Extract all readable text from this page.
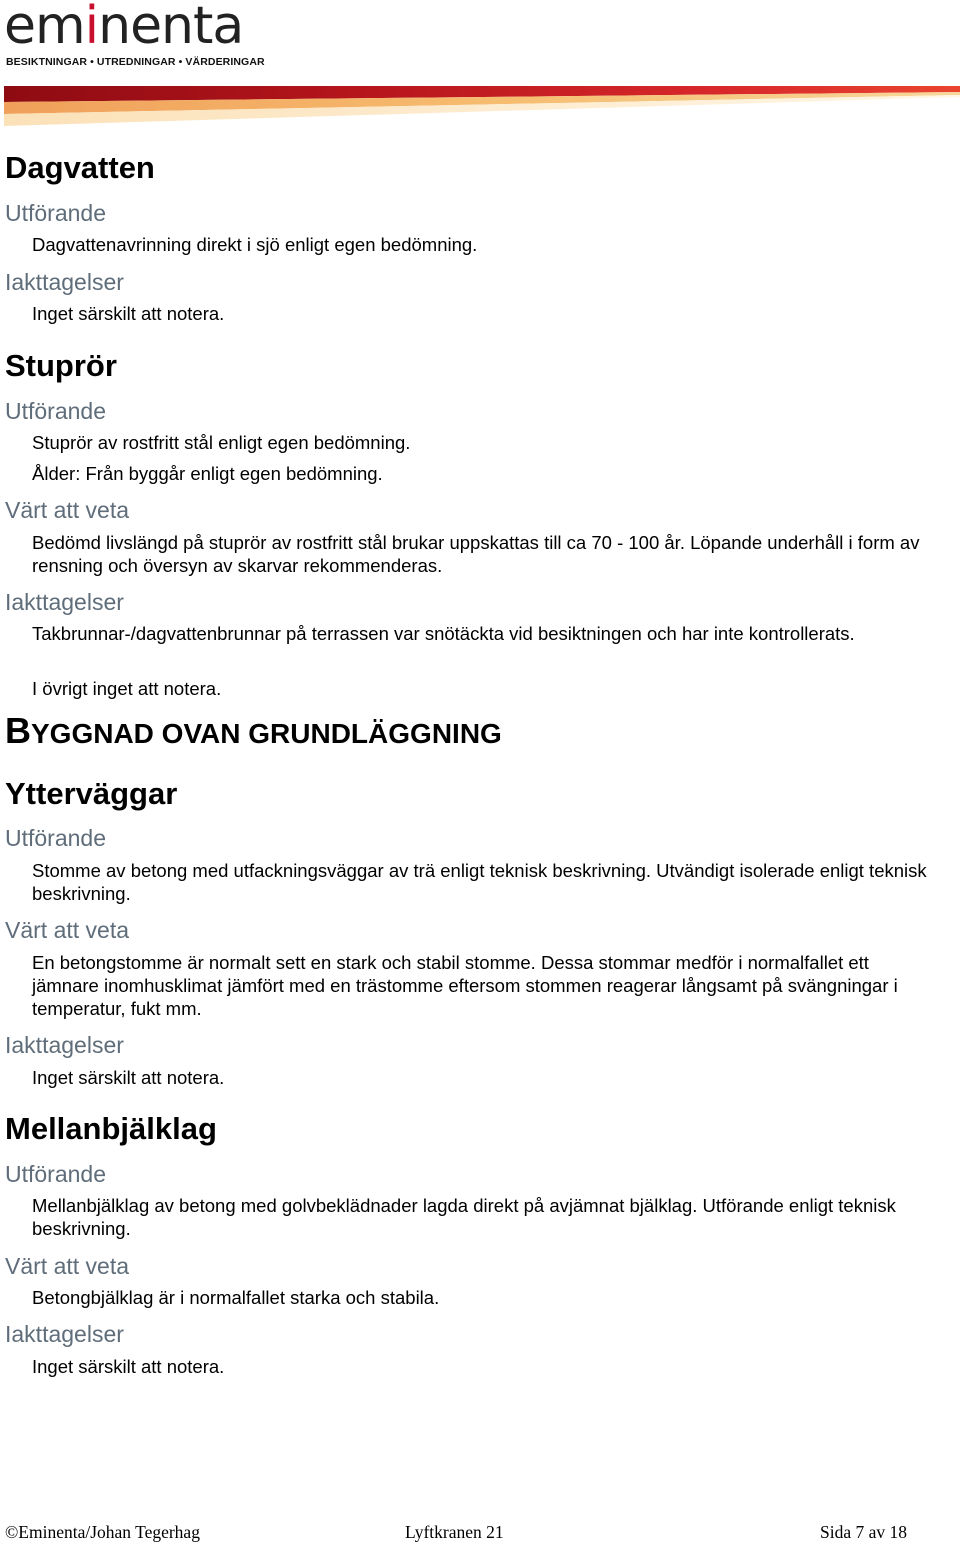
eminenta
BESIKTNINGAR • UTREDNINGAR • VÄRDERINGAR
Dagvatten
Utförande
Dagvattenavrinning direkt i sjö enligt egen bedömning.
Iakttagelser
Inget särskilt att notera.
Stuprör
Utförande
Stuprör av rostfritt stål enligt egen bedömning.
Ålder: Från byggår enligt egen bedömning.
Värt att veta
Bedömd livslängd på stuprör av rostfritt stål brukar uppskattas till ca 70 - 100 år. Löpande underhåll i form av rensning och översyn av skarvar rekommenderas.
Iakttagelser
Takbrunnar-/dagvattenbrunnar på terrassen var snötäckta vid besiktningen och har inte kontrollerats.
I övrigt inget att notera.
BYGGNAD OVAN GRUNDLÄGGNING
Ytterväggar
Utförande
Stomme av betong med utfackningsväggar av trä enligt teknisk beskrivning. Utvändigt isolerade enligt teknisk beskrivning.
Värt att veta
En betongstomme är normalt sett en stark och stabil stomme. Dessa stommar medför i normalfallet ett jämnare inomhusklimat jämfört med en trästomme eftersom stommen reagerar långsamt på svängningar i temperatur, fukt mm.
Iakttagelser
Inget särskilt att notera.
Mellanbjälklag
Utförande
Mellanbjälklag av betong med golvbeklädnader lagda direkt på avjämnat bjälklag. Utförande enligt teknisk beskrivning.
Värt att veta
Betongbjälklag är i normalfallet starka och stabila.
Iakttagelser
Inget särskilt att notera.
©Eminenta/Johan Tegerhag	Lyftkranen 21	Sida 7 av 18
